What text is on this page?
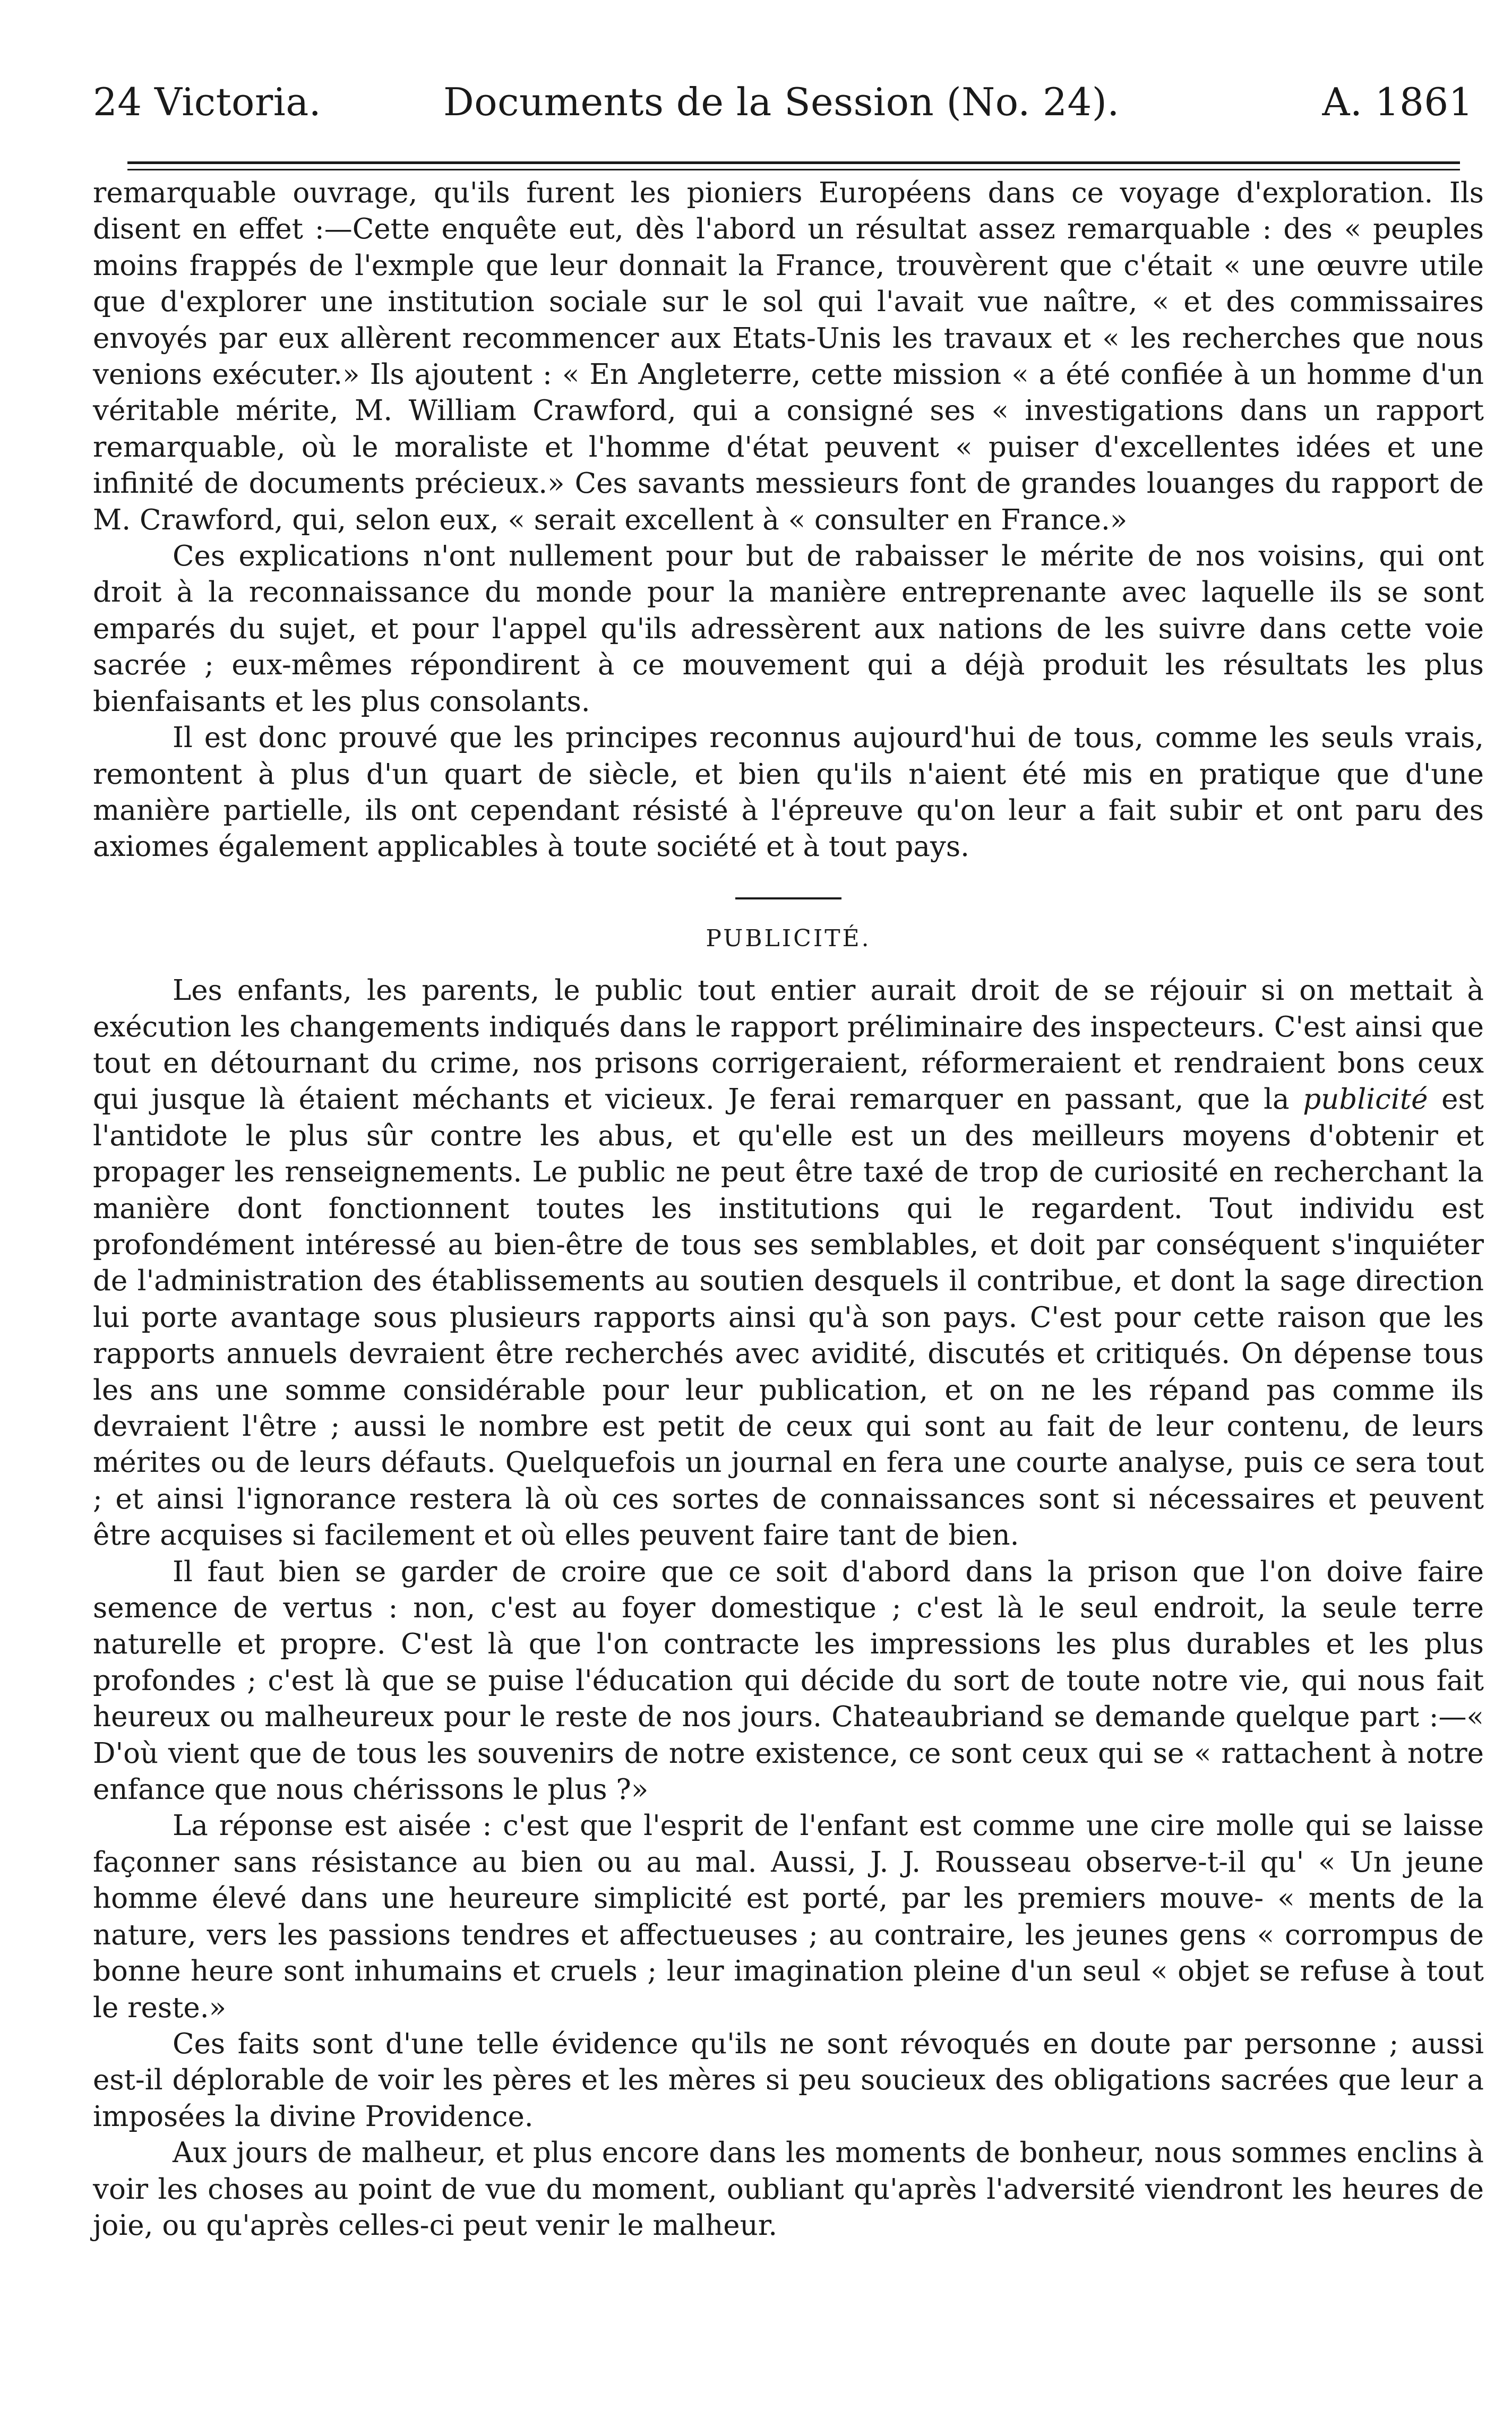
24 Victoria.	Documents de la Session (No. 24).	A. 1861

remarquable ouvrage, qu'ils furent les pioniers Européens dans ce voyage d'exploration. Ils disent en effet :—Cette enquête eut, dès l'abord un résultat assez remarquable : des « peuples moins frappés de l'exmple que leur donnait la France, trouvèrent que c'était « une œuvre utile que d'explorer une institution sociale sur le sol qui l'avait vue naître, « et des commissaires envoyés par eux allèrent recommencer aux Etats-Unis les travaux et « les recherches que nous venions exécuter.» Ils ajoutent : « En Angleterre, cette mission « a été confiée à un homme d'un véritable mérite, M. William Crawford, qui a consigné ses « investigations dans un rapport remarquable, où le moraliste et l'homme d'état peuvent « puiser d'excellentes idées et une infinité de documents précieux.» Ces savants messieurs font de grandes louanges du rapport de M. Crawford, qui, selon eux, « serait excellent à « consulter en France.»

Ces explications n'ont nullement pour but de rabaisser le mérite de nos voisins, qui ont droit à la reconnaissance du monde pour la manière entreprenante avec laquelle ils se sont emparés du sujet, et pour l'appel qu'ils adressèrent aux nations de les suivre dans cette voie sacrée ; eux-mêmes répondirent à ce mouvement qui a déjà produit les résultats les plus bienfaisants et les plus consolants.

Il est donc prouvé que les principes reconnus aujourd'hui de tous, comme les seuls vrais, remontent à plus d'un quart de siècle, et bien qu'ils n'aient été mis en pratique que d'une manière partielle, ils ont cependant résisté à l'épreuve qu'on leur a fait subir et ont paru des axiomes également applicables à toute société et à tout pays.

PUBLICITÉ.

Les enfants, les parents, le public tout entier aurait droit de se réjouir si on mettait à exécution les changements indiqués dans le rapport préliminaire des inspecteurs. C'est ainsi que tout en détournant du crime, nos prisons corrigeraient, réformeraient et rendraient bons ceux qui jusque là étaient méchants et vicieux. Je ferai remarquer en passant, que la publicité est l'antidote le plus sûr contre les abus, et qu'elle est un des meilleurs moyens d'obtenir et propager les renseignements. Le public ne peut être taxé de trop de curiosité en recherchant la manière dont fonctionnent toutes les institutions qui le regardent. Tout individu est profondément intéressé au bien-être de tous ses semblables, et doit par conséquent s'inquiéter de l'administration des établissements au soutien desquels il contribue, et dont la sage direction lui porte avantage sous plusieurs rapports ainsi qu'à son pays. C'est pour cette raison que les rapports annuels devraient être recherchés avec avidité, discutés et critiqués. On dépense tous les ans une somme considérable pour leur publication, et on ne les répand pas comme ils devraient l'être ; aussi le nombre est petit de ceux qui sont au fait de leur contenu, de leurs mérites ou de leurs défauts. Quelquefois un journal en fera une courte analyse, puis ce sera tout ; et ainsi l'ignorance restera là où ces sortes de connaissances sont si nécessaires et peuvent être acquises si facilement et où elles peuvent faire tant de bien.

Il faut bien se garder de croire que ce soit d'abord dans la prison que l'on doive faire semence de vertus : non, c'est au foyer domestique ; c'est là le seul endroit, la seule terre naturelle et propre. C'est là que l'on contracte les impressions les plus durables et les plus profondes ; c'est là que se puise l'éducation qui décide du sort de toute notre vie, qui nous fait heureux ou malheureux pour le reste de nos jours. Chateaubriand se demande quelque part :—« D'où vient que de tous les souvenirs de notre existence, ce sont ceux qui se « rattachent à notre enfance que nous chérissons le plus ?»

La réponse est aisée : c'est que l'esprit de l'enfant est comme une cire molle qui se laisse façonner sans résistance au bien ou au mal. Aussi, J. J. Rousseau observe-t-il qu' « Un jeune homme élevé dans une heureure simplicité est porté, par les premiers mouve- « ments de la nature, vers les passions tendres et affectueuses ; au contraire, les jeunes gens « corrompus de bonne heure sont inhumains et cruels ; leur imagination pleine d'un seul « objet se refuse à tout le reste.»

Ces faits sont d'une telle évidence qu'ils ne sont révoqués en doute par personne ; aussi est-il déplorable de voir les pères et les mères si peu soucieux des obligations sacrées que leur a imposées la divine Providence.

Aux jours de malheur, et plus encore dans les moments de bonheur, nous sommes enclins à voir les choses au point de vue du moment, oubliant qu'après l'adversité viendront les heures de joie, ou qu'après celles-ci peut venir le malheur.
